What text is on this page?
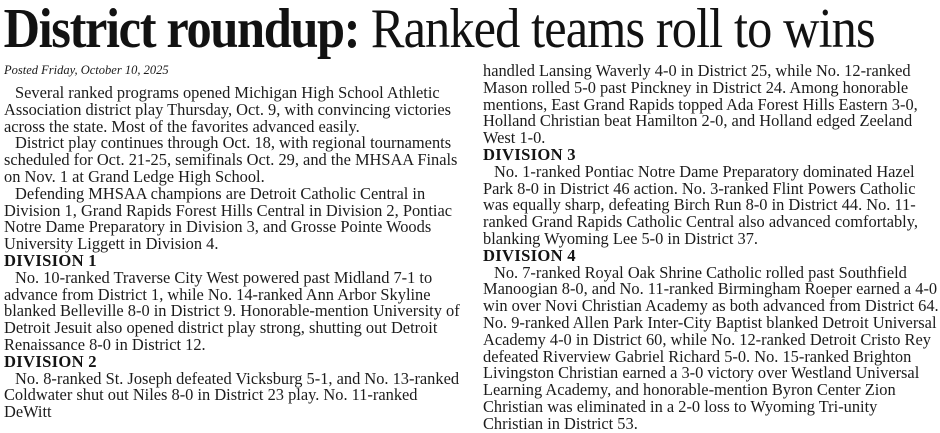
District roundup: Ranked teams roll to wins

Posted Friday, October 10, 2025

Several ranked programs opened Michigan High School Athletic Association district play Thursday, Oct. 9, with convincing victories across the state. Most of the favorites advanced easily.

District play continues through Oct. 18, with regional tournaments scheduled for Oct. 21-25, semifinals Oct. 29, and the MHSAA Finals on Nov. 1 at Grand Ledge High School.

Defending MHSAA champions are Detroit Catholic Central in Division 1, Grand Rapids Forest Hills Central in Division 2, Pontiac Notre Dame Preparatory in Division 3, and Grosse Pointe Woods University Liggett in Division 4.

DIVISION 1

No. 10-ranked Traverse City West powered past Midland 7-1 to advance from District 1, while No. 14-ranked Ann Arbor Skyline blanked Belleville 8-0 in District 9. Honorable-mention University of Detroit Jesuit also opened district play strong, shutting out Detroit Renaissance 8-0 in District 12.

DIVISION 2

No. 8-ranked St. Joseph defeated Vicksburg 5-1, and No. 13-ranked Coldwater shut out Niles 8-0 in District 23 play. No. 11-ranked DeWitt

handled Lansing Waverly 4-0 in District 25, while No. 12-ranked Mason rolled 5-0 past Pinckney in District 24. Among honorable mentions, East Grand Rapids topped Ada Forest Hills Eastern 3-0, Holland Christian beat Hamilton 2-0, and Holland edged Zeeland West 1-0.

DIVISION 3

No. 1-ranked Pontiac Notre Dame Preparatory dominated Hazel Park 8-0 in District 46 action. No. 3-ranked Flint Powers Catholic was equally sharp, defeating Birch Run 8-0 in District 44. No. 11-ranked Grand Rapids Catholic Central also advanced comfortably, blanking Wyoming Lee 5-0 in District 37.

DIVISION 4

No. 7-ranked Royal Oak Shrine Catholic rolled past Southfield Manoogian 8-0, and No. 11-ranked Birmingham Roeper earned a 4-0 win over Novi Christian Academy as both advanced from District 64. No. 9-ranked Allen Park Inter-City Baptist blanked Detroit Universal Academy 4-0 in District 60, while No. 12-ranked Detroit Cristo Rey defeated Riverview Gabriel Richard 5-0. No. 15-ranked Brighton Livingston Christian earned a 3-0 victory over Westland Universal Learning Academy, and honorable-mention Byron Center Zion Christian was eliminated in a 2-0 loss to Wyoming Tri-unity Christian in District 53.
